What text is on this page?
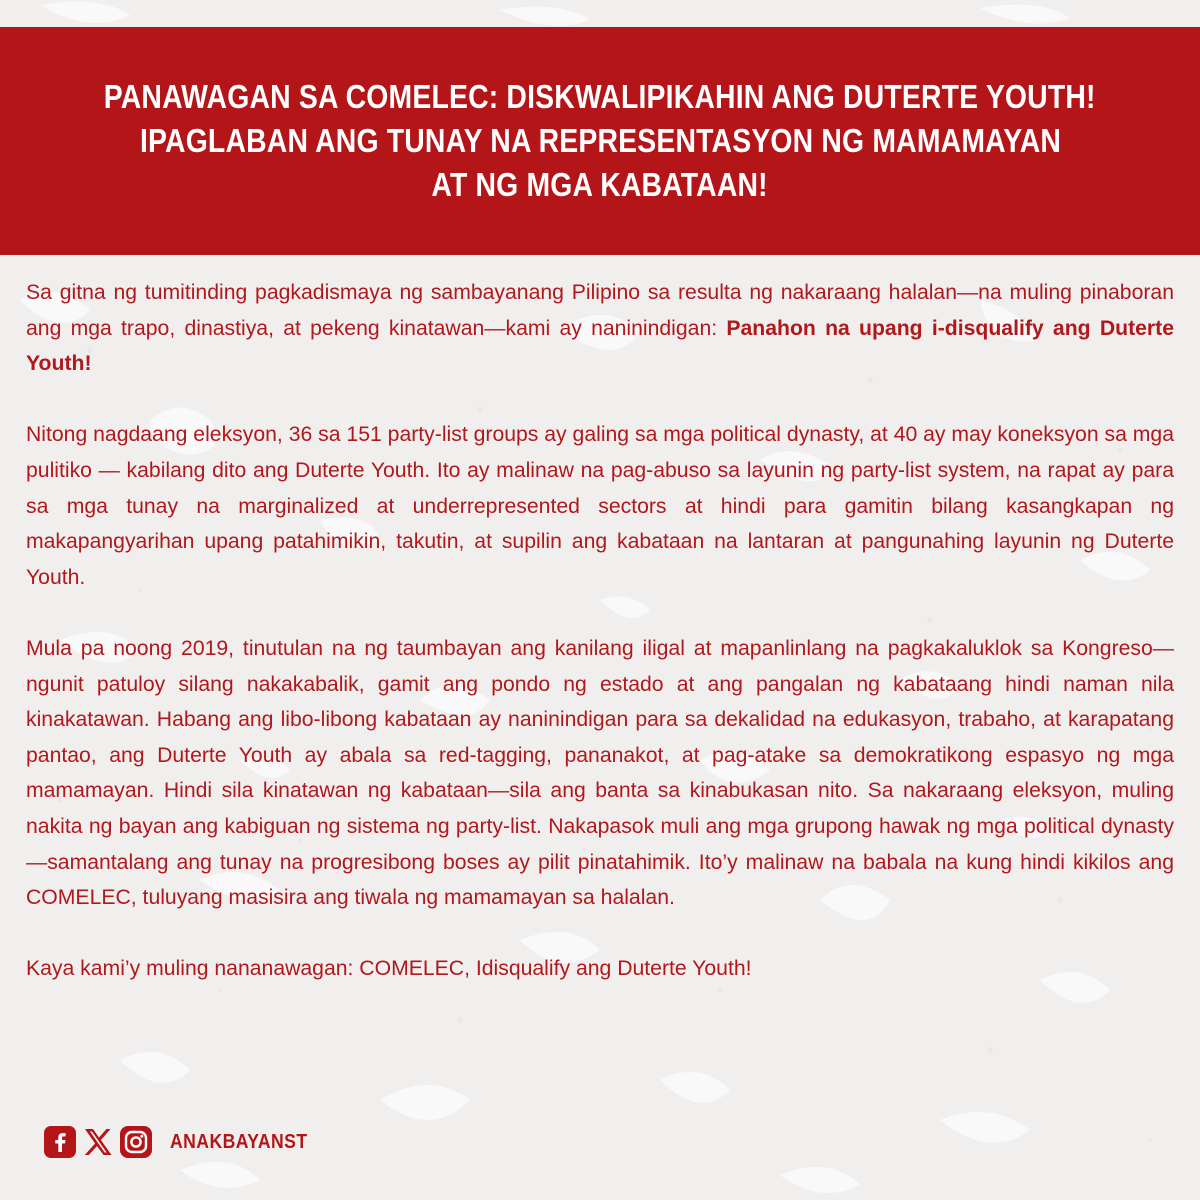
PANAWAGAN SA COMELEC: DISKWALIPIKAHIN ANG DUTERTE YOUTH!
IPAGLABAN ANG TUNAY NA REPRESENTASYON NG MAMAMAYAN
AT NG MGA KABATAAN!

Sa gitna ng tumitinding pagkadismaya ng sambayanang Pilipino sa resulta ng nakaraang halalan—na muling pinaboran ang mga trapo, dinastiya, at pekeng kinatawan—kami ay naninindigan: Panahon na upang i-disqualify ang Duterte Youth!

Nitong nagdaang eleksyon, 36 sa 151 party-list groups ay galing sa mga political dynasty, at 40 ay may koneksyon sa mga pulitiko — kabilang dito ang Duterte Youth. Ito ay malinaw na pag-abuso sa layunin ng party-list system, na rapat ay para sa mga tunay na marginalized at underrepresented sectors at hindi para gamitin bilang kasangkapan ng makapangyarihan upang patahimikin, takutin, at supilin ang kabataan na lantaran at pangunahing layunin ng Duterte Youth.

Mula pa noong 2019, tinutulan na ng taumbayan ang kanilang iligal at mapanlinlang na pagkakaluklok sa Kongreso—ngunit patuloy silang nakakabalik, gamit ang pondo ng estado at ang pangalan ng kabataang hindi naman nila kinakatawan. Habang ang libo-libong kabataan ay naninindigan para sa dekalidad na edukasyon, trabaho, at karapatang pantao, ang Duterte Youth ay abala sa red-tagging, pananakot, at pag-atake sa demokratikong espasyo ng mga mamamayan. Hindi sila kinatawan ng kabataan—sila ang banta sa kinabukasan nito. Sa nakaraang eleksyon, muling nakita ng bayan ang kabiguan ng sistema ng party-list. Nakapasok muli ang mga grupong hawak ng mga political dynasty—samantalang ang tunay na progresibong boses ay pilit pinatahimik. Ito’y malinaw na babala na kung hindi kikilos ang COMELEC, tuluyang masisira ang tiwala ng mamamayan sa halalan.

Kaya kami’y muling nananawagan: COMELEC, Idisqualify ang Duterte Youth!

ANAKBAYANST
